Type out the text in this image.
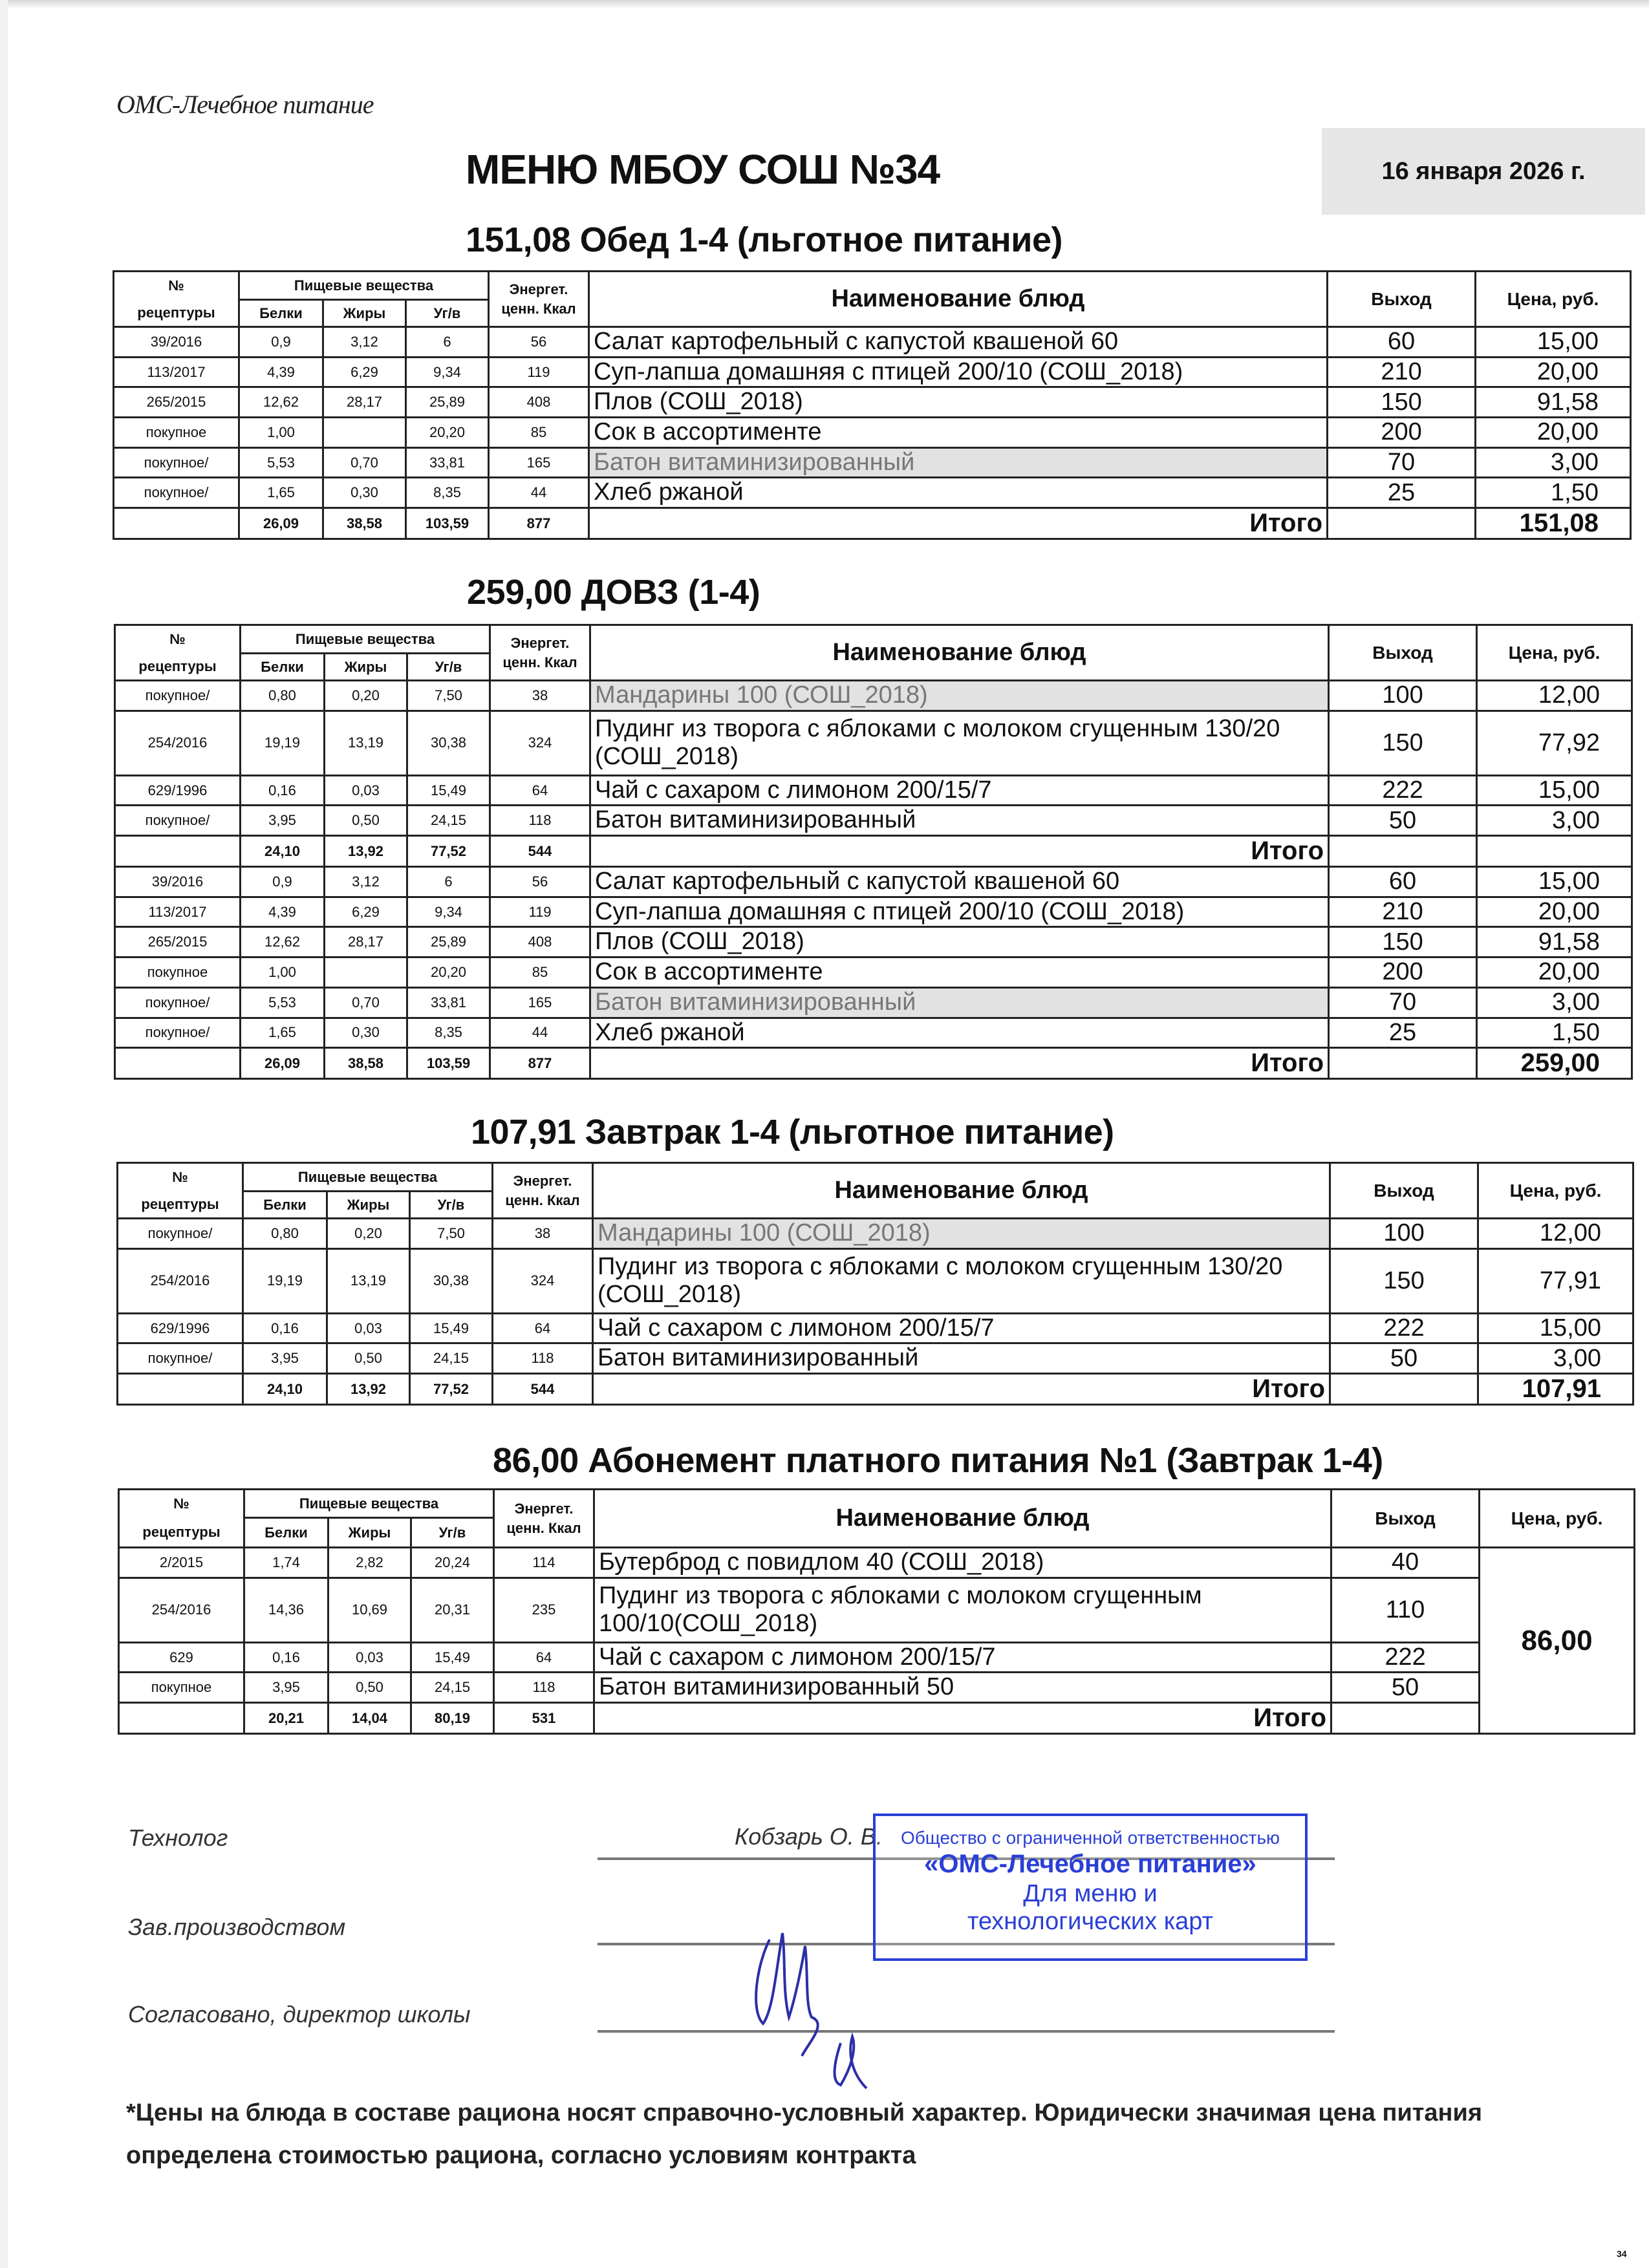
ОМС-Лечебное питание
МЕНЮ МБОУ СОШ №34	16 января 2026 г.
151,08 Обед 1-4 (льготное питание)
№	Пищевые вещества			Энергет.
ценн. Ккал	Наименование блюд	Выход	Цена, руб.
рецептуры	Белки	Жиры	Уг/в				
39/2016	0,9	3,12	6	56	Салат картофельный с капустой квашеной 60	60	15,00
113/2017	4,39	6,29	9,34	119	Суп-лапша домашняя с птицей 200/10 (СОШ_2018)	210	20,00
265/2015	12,62	28,17	25,89	408	Плов (СОШ_2018)	150	91,58
покупное	1,00		20,20	85	Сок в ассортименте	200	20,00
покупное/	5,53	0,70	33,81	165	Батон витаминизированный	70	3,00
покупное/	1,65	0,30	8,35	44	Хлеб ржаной	25	1,50
	26,09	38,58	103,59	877	Итого		151,08
259,00 ДОВЗ (1-4)
№	Пищевые вещества			Энергет.
ценн. Ккал	Наименование блюд	Выход	Цена, руб.
рецептуры	Белки	Жиры	Уг/в				
покупное/	0,80	0,20	7,50	38	Мандарины 100 (СОШ_2018)	100	12,00
254/2016	19,19	13,19	30,38	324	Пудинг из творога с яблоками с молоком сгущенным 130/20 (СОШ_2018)	150	77,92
629/1996	0,16	0,03	15,49	64	Чай с сахаром с лимоном 200/15/7	222	15,00
покупное/	3,95	0,50	24,15	118	Батон витаминизированный	50	3,00
	24,10	13,92	77,52	544	Итого		
39/2016	0,9	3,12	6	56	Салат картофельный с капустой квашеной 60	60	15,00
113/2017	4,39	6,29	9,34	119	Суп-лапша домашняя с птицей 200/10 (СОШ_2018)	210	20,00
265/2015	12,62	28,17	25,89	408	Плов (СОШ_2018)	150	91,58
покупное	1,00		20,20	85	Сок в ассортименте	200	20,00
покупное/	5,53	0,70	33,81	165	Батон витаминизированный	70	3,00
покупное/	1,65	0,30	8,35	44	Хлеб ржаной	25	1,50
	26,09	38,58	103,59	877	Итого		259,00
107,91 Завтрак 1-4 (льготное питание)
№	Пищевые вещества			Энергет.
ценн. Ккал	Наименование блюд	Выход	Цена, руб.
рецептуры	Белки	Жиры	Уг/в				
покупное/	0,80	0,20	7,50	38	Мандарины 100 (СОШ_2018)	100	12,00
254/2016	19,19	13,19	30,38	324	Пудинг из творога с яблоками с молоком сгущенным 130/20 (СОШ_2018)	150	77,91
629/1996	0,16	0,03	15,49	64	Чай с сахаром с лимоном 200/15/7	222	15,00
покупное/	3,95	0,50	24,15	118	Батон витаминизированный	50	3,00
	24,10	13,92	77,52	544	Итого		107,91
86,00 Абонемент платного питания №1 (Завтрак 1-4)
№	Пищевые вещества			Энергет.
ценн. Ккал	Наименование блюд	Выход	Цена, руб.
рецептуры	Белки	Жиры	Уг/в				
2/2015	1,74	2,82	20,24	114	Бутерброд с повидлом 40 (СОШ_2018)	40	86,00
254/2016	14,36	10,69	20,31	235	Пудинг из творога с яблоками с молоком сгущенным 100/10(СОШ_2018)	110	
629	0,16	0,03	15,49	64	Чай с сахаром с лимоном 200/15/7	222	
покупное	3,95	0,50	24,15	118	Батон витаминизированный 50	50	
	20,21	14,04	80,19	531	Итого		
Технолог	Кобзарь О. В.
Зав.производством
Согласовано, директор школы
Общество с ограниченной ответственностью
«ОМС-Лечебное питание»
Для меню и
технологических карт
*Цены на блюда в составе рациона носят справочно-условный характер. Юридически значимая цена питания определена стоимостью рациона, согласно условиям контракта
34
